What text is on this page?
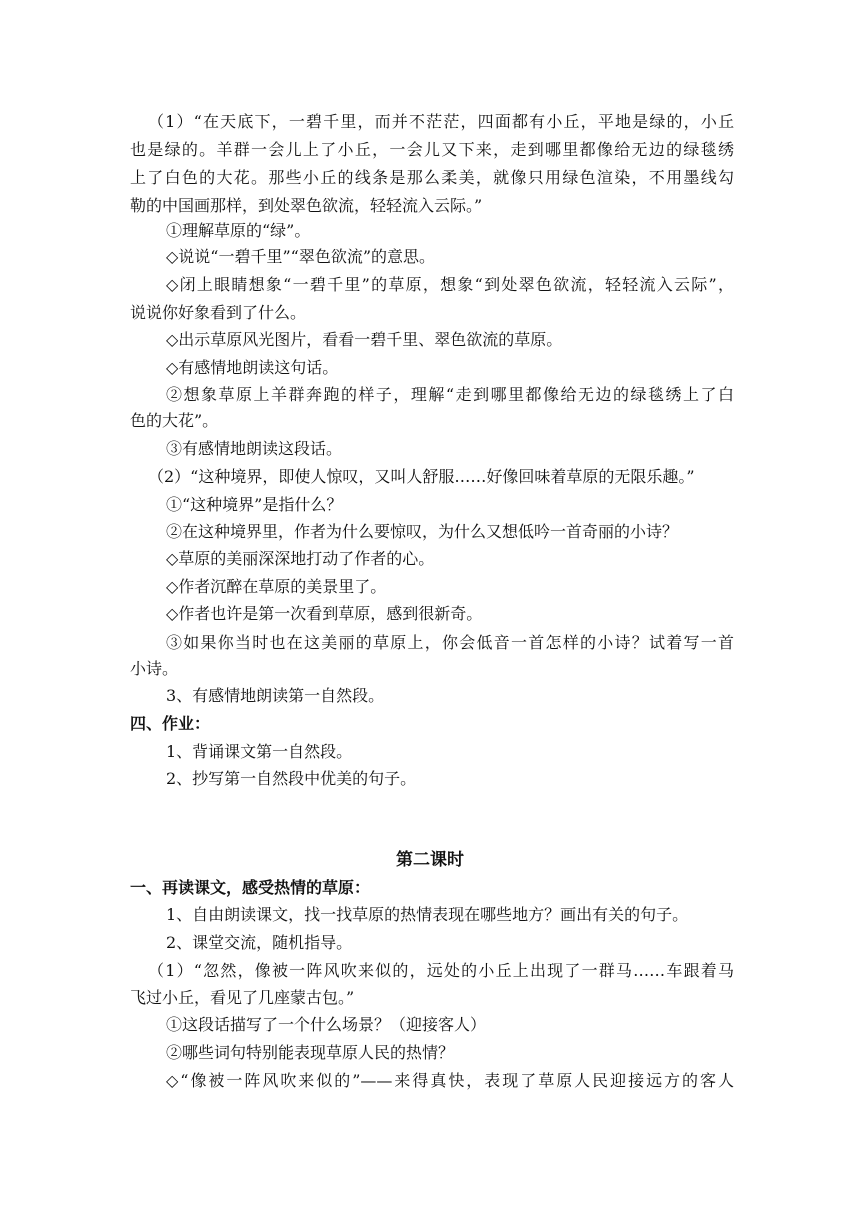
（1）“在天底下，一碧千里，而并不茫茫，四面都有小丘，平地是绿的，小丘
也是绿的。羊群一会儿上了小丘，一会儿又下来，走到哪里都像给无边的绿毯绣
上了白色的大花。那些小丘的线条是那么柔美，就像只用绿色渲染，不用墨线勾
勒的中国画那样，到处翠色欲流，轻轻流入云际。”
①理解草原的“绿”。
◇说说“一碧千里”“翠色欲流”的意思。
◇闭上眼睛想象“一碧千里”的草原，想象“到处翠色欲流，轻轻流入云际”，
说说你好象看到了什么。
◇出示草原风光图片，看看一碧千里、翠色欲流的草原。
◇有感情地朗读这句话。
②想象草原上羊群奔跑的样子，理解“走到哪里都像给无边的绿毯绣上了白
色的大花”。
③有感情地朗读这段话。
（2）“这种境界，即使人惊叹，又叫人舒服……好像回味着草原的无限乐趣。”
①“这种境界”是指什么？
②在这种境界里，作者为什么要惊叹，为什么又想低吟一首奇丽的小诗？
◇草原的美丽深深地打动了作者的心。
◇作者沉醉在草原的美景里了。
◇作者也许是第一次看到草原，感到很新奇。
③如果你当时也在这美丽的草原上，你会低音一首怎样的小诗？试着写一首
小诗。
3、有感情地朗读第一自然段。
四、作业：
1、背诵课文第一自然段。
2、抄写第一自然段中优美的句子。
第二课时
一、再读课文，感受热情的草原：
1、自由朗读课文，找一找草原的热情表现在哪些地方？画出有关的句子。
2、课堂交流，随机指导。
（1）“忽然，像被一阵风吹来似的，远处的小丘上出现了一群马……车跟着马
飞过小丘，看见了几座蒙古包。”
①这段话描写了一个什么场景？（迎接客人）
②哪些词句特别能表现草原人民的热情？
◇“像被一阵风吹来似的”——来得真快，表现了草原人民迎接远方的客人
